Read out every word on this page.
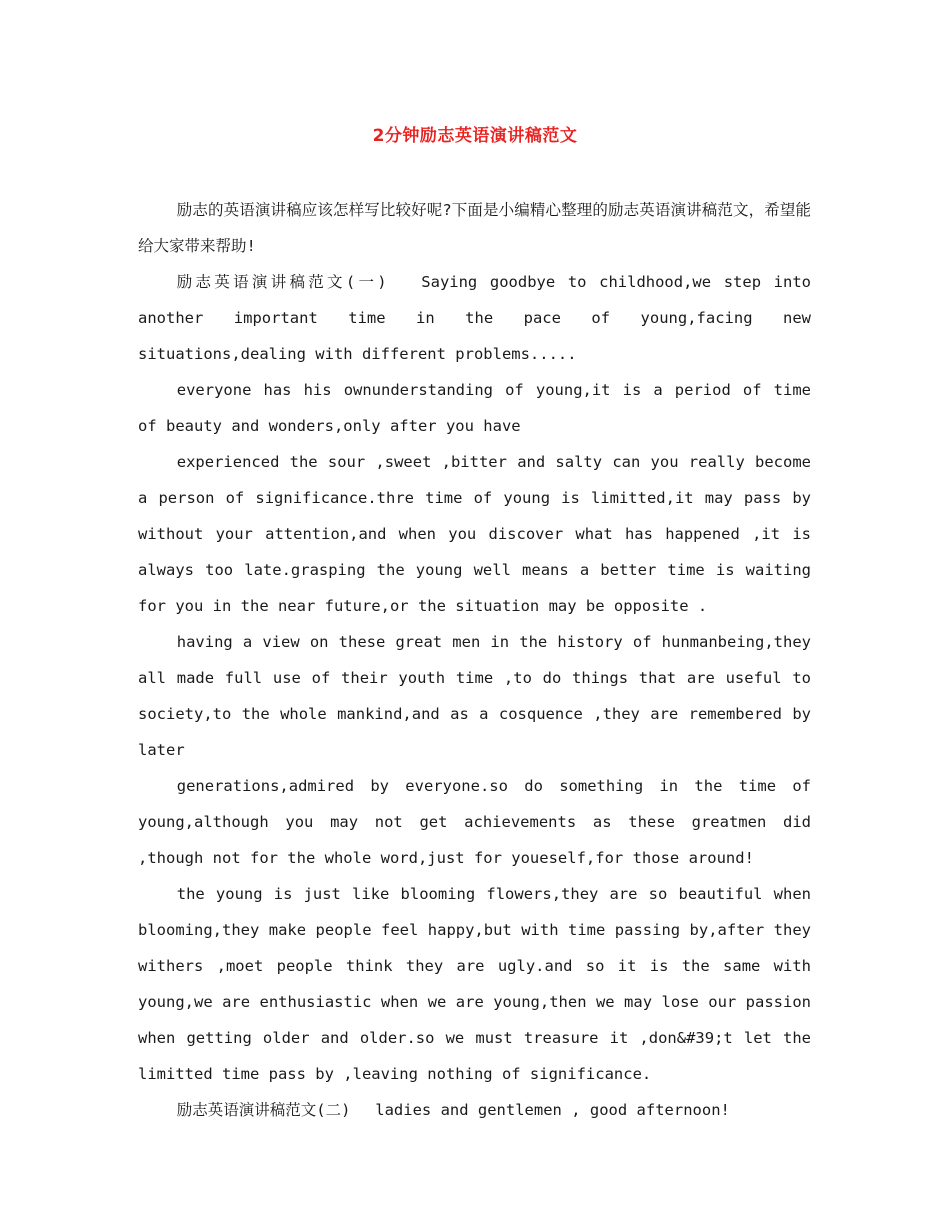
2分钟励志英语演讲稿范文

励志的英语演讲稿应该怎样写比较好呢?下面是小编精心整理的励志英语演讲稿范文，希望能给大家带来帮助!

励志英语演讲稿范文(一)　 Saying goodbye to childhood,we step into another important time in the pace of young,facing new situations,dealing with different problems.....

everyone has his ownunderstanding of young,it is a period of time of beauty and wonders,only after you have

experienced the sour ,sweet ,bitter and salty can you really become a person of significance.thre time of young is limitted,it may pass by without your attention,and when you discover what has happened ,it is always too late.grasping the young well means a better time is waiting for you in the near future,or the situation may be opposite .

having a view on these great men in the history of hunmanbeing,they all made full use of their youth time ,to do things that are useful to society,to the whole mankind,and as a cosquence ,they are remembered by later

generations,admired by everyone.so do something in the time of young,although you may not get achievements as these greatmen did ,though not for the whole word,just for youeself,for those around!

the young is just like blooming flowers,they are so beautiful when blooming,they make people feel happy,but with time passing by,after they withers ,moet people think they are ugly.and so it is the same with young,we are enthusiastic when we are young,then we may lose our passion when getting older and older.so we must treasure it ,don&#39;t let the limitted time pass by ,leaving nothing of significance.

励志英语演讲稿范文(二)　 ladies and gentlemen , good afternoon!
